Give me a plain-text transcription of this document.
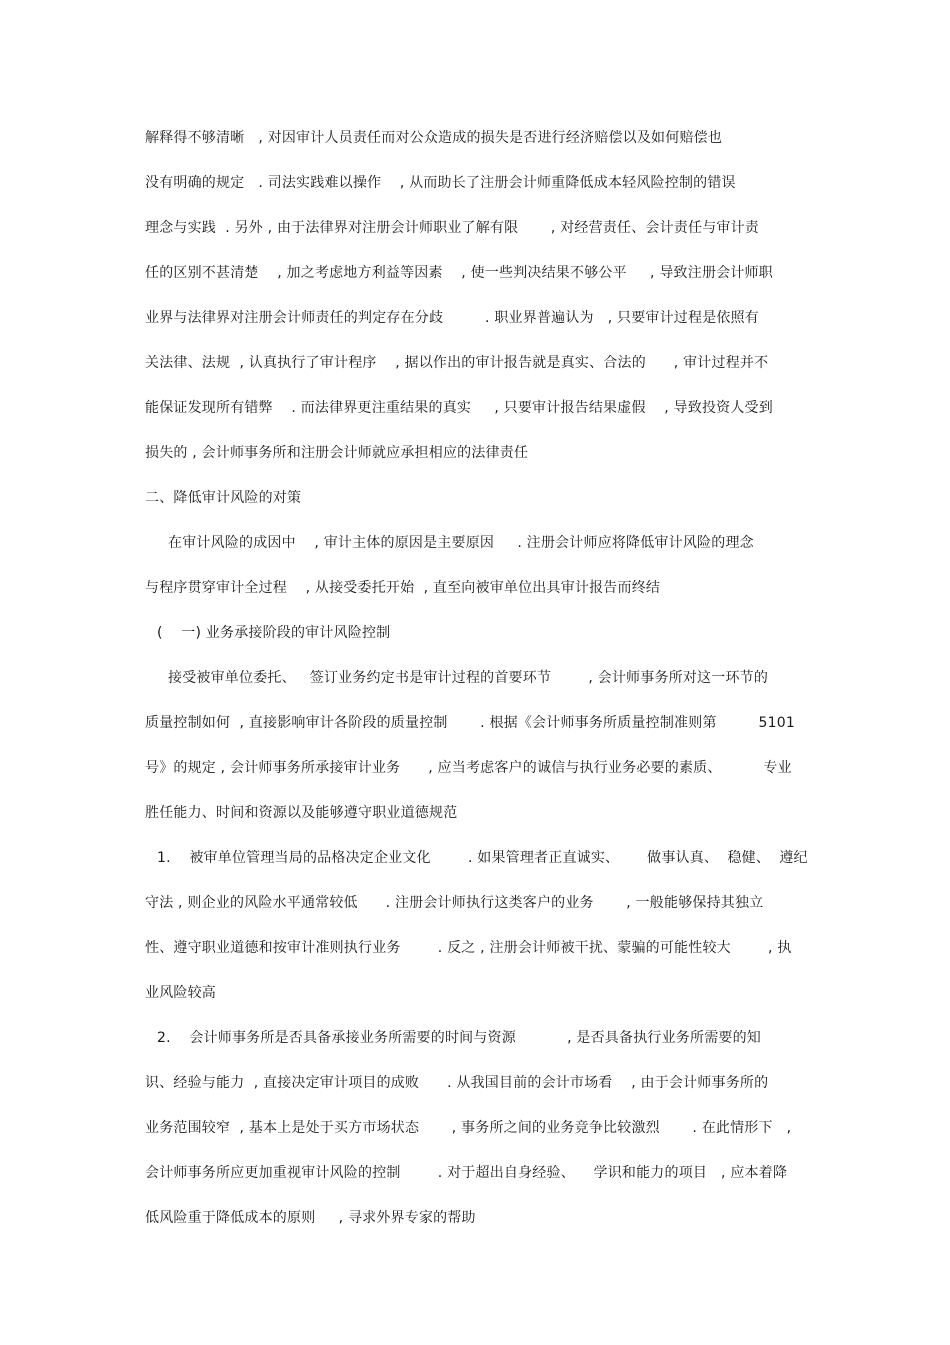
解释得不够清晰   , 对因审计人员责任而对公众造成的损失是否进行经济赔偿以及如何赔偿也
没有明确的规定   . 司法实践难以操作    , 从而助长了注册会计师重降低成本轻风险控制的错误
理念与实践  . 另外 , 由于法律界对注册会计师职业了解有限       , 对经营责任、会计责任与审计责
任的区别不甚清楚    , 加之考虑地方利益等因素    , 使一些判决结果不够公平     , 导致注册会计师职
业界与法律界对注册会计师责任的判定存在分歧         . 职业界普遍认为   , 只要审计过程是依照有
关法律、法规  , 认真执行了审计程序    , 据以作出的审计报告就是真实、合法的      , 审计过程并不
能保证发现所有错弊    . 而法律界更注重结果的真实     , 只要审计报告结果虚假    , 导致投资人受到
损失的 , 会计师事务所和注册会计师就应承担相应的法律责任
二、降低审计风险的对策
在审计风险的成因中    , 审计主体的原因是主要原因     . 注册会计师应将降低审计风险的理念
与程序贯穿审计全过程    , 从接受委托开始  , 直至向被审单位出具审计报告而终结
(    一) 业务承接阶段的审计风险控制
接受被审单位委托、   签订业务约定书是审计过程的首要环节        , 会计师事务所对这一环节的
质量控制如何  , 直接影响审计各阶段的质量控制       . 根据《会计师事务所质量控制准则第         5101
号》的规定 , 会计师事务所承接审计业务      , 应当考虑客户的诚信与执行业务必要的素质、         专业
胜任能力、时间和资源以及能够遵守职业道德规范
1.    被审单位管理当局的品格决定企业文化        . 如果管理者正直诚实、      做事认真、  稳健、  遵纪
守法 , 则企业的风险水平通常较低      . 注册会计师执行这类客户的业务       , 一般能够保持其独立
性、遵守职业道德和按审计准则执行业务        . 反之 , 注册会计师被干扰、蒙骗的可能性较大        , 执
业风险较高
2.    会计师事务所是否具备承接业务所需要的时间与资源           , 是否具备执行业务所需要的知
识、经验与能力  , 直接决定审计项目的成败      . 从我国目前的会计市场看    , 由于会计师事务所的
业务范围较窄  , 基本上是处于买方市场状态       , 事务所之间的业务竞争比较激烈       . 在此情形下   ,
会计师事务所应更加重视审计风险的控制        . 对于超出自身经验、    学识和能力的项目   , 应本着降
低风险重于降低成本的原则     , 寻求外界专家的帮助
